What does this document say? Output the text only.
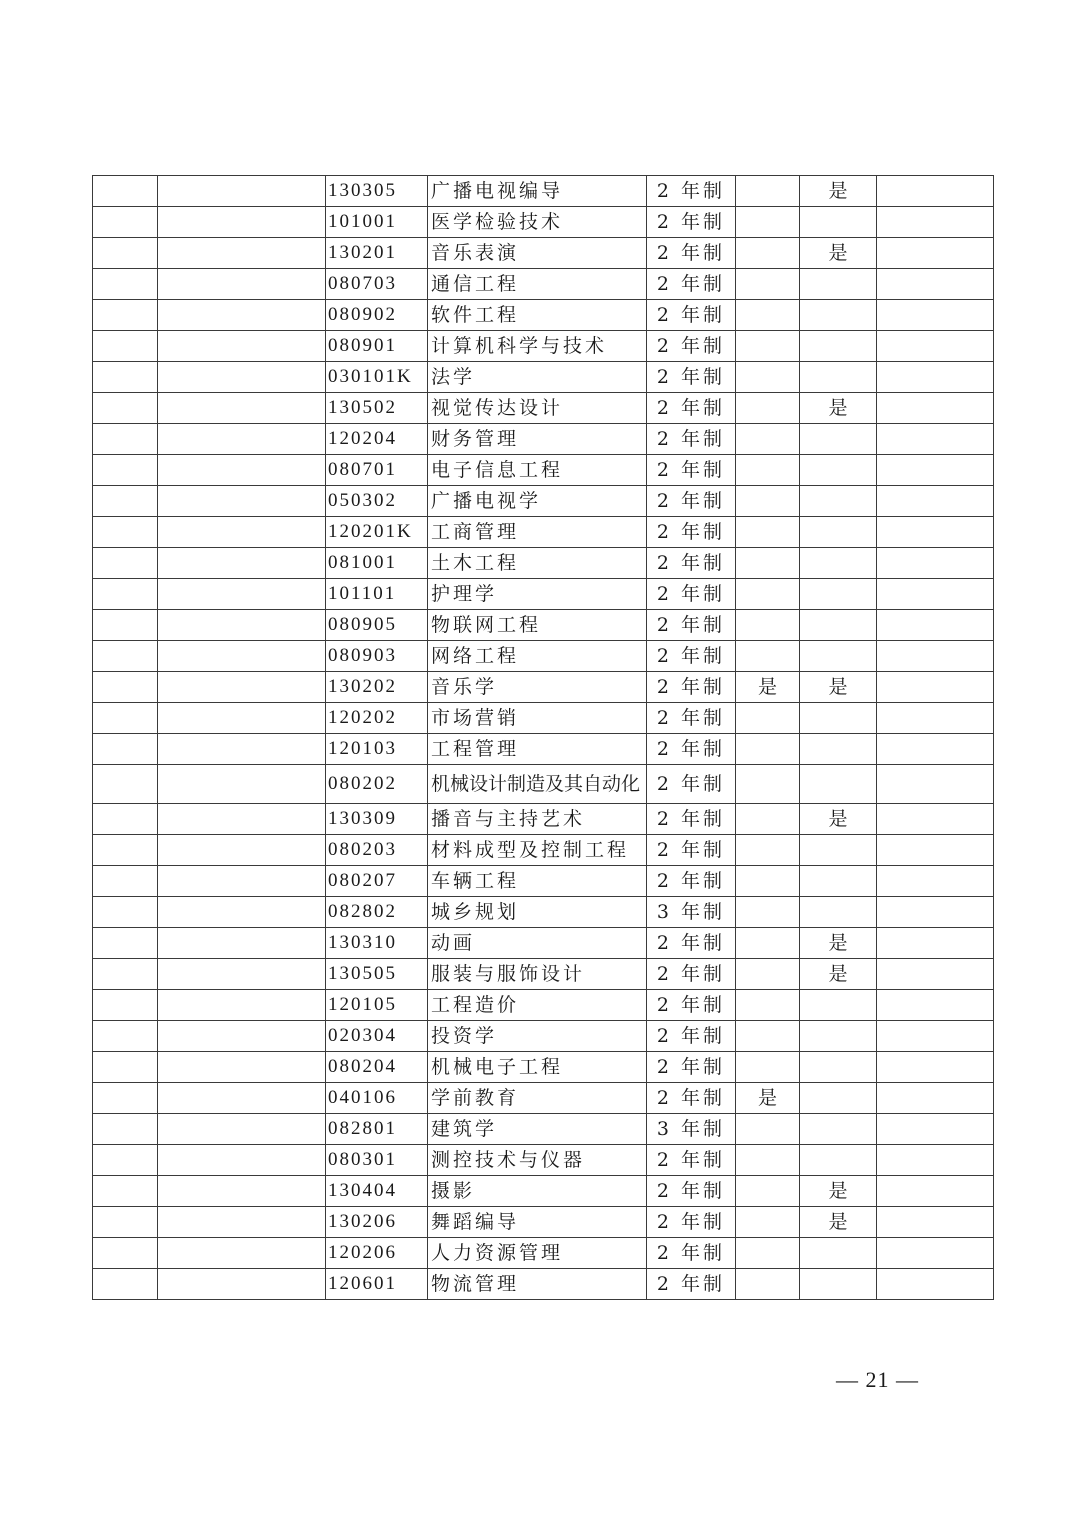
		130305	广播电视编导	2 年制		是	
		101001	医学检验技术	2 年制			
		130201	音乐表演	2 年制		是	
		080703	通信工程	2 年制			
		080902	软件工程	2 年制			
		080901	计算机科学与技术	2 年制			
		030101K	法学	2 年制			
		130502	视觉传达设计	2 年制		是	
		120204	财务管理	2 年制			
		080701	电子信息工程	2 年制			
		050302	广播电视学	2 年制			
		120201K	工商管理	2 年制			
		081001	土木工程	2 年制			
		101101	护理学	2 年制			
		080905	物联网工程	2 年制			
		080903	网络工程	2 年制			
		130202	音乐学	2 年制	是	是	
		120202	市场营销	2 年制			
		120103	工程管理	2 年制			
		080202	机械设计制造及其自动化	2 年制			
		130309	播音与主持艺术	2 年制		是	
		080203	材料成型及控制工程	2 年制			
		080207	车辆工程	2 年制			
		082802	城乡规划	3 年制			
		130310	动画	2 年制		是	
		130505	服装与服饰设计	2 年制		是	
		120105	工程造价	2 年制			
		020304	投资学	2 年制			
		080204	机械电子工程	2 年制			
		040106	学前教育	2 年制	是		
		082801	建筑学	3 年制			
		080301	测控技术与仪器	2 年制			
		130404	摄影	2 年制		是	
		130206	舞蹈编导	2 年制		是	
		120206	人力资源管理	2 年制			
		120601	物流管理	2 年制			
— 21 —
